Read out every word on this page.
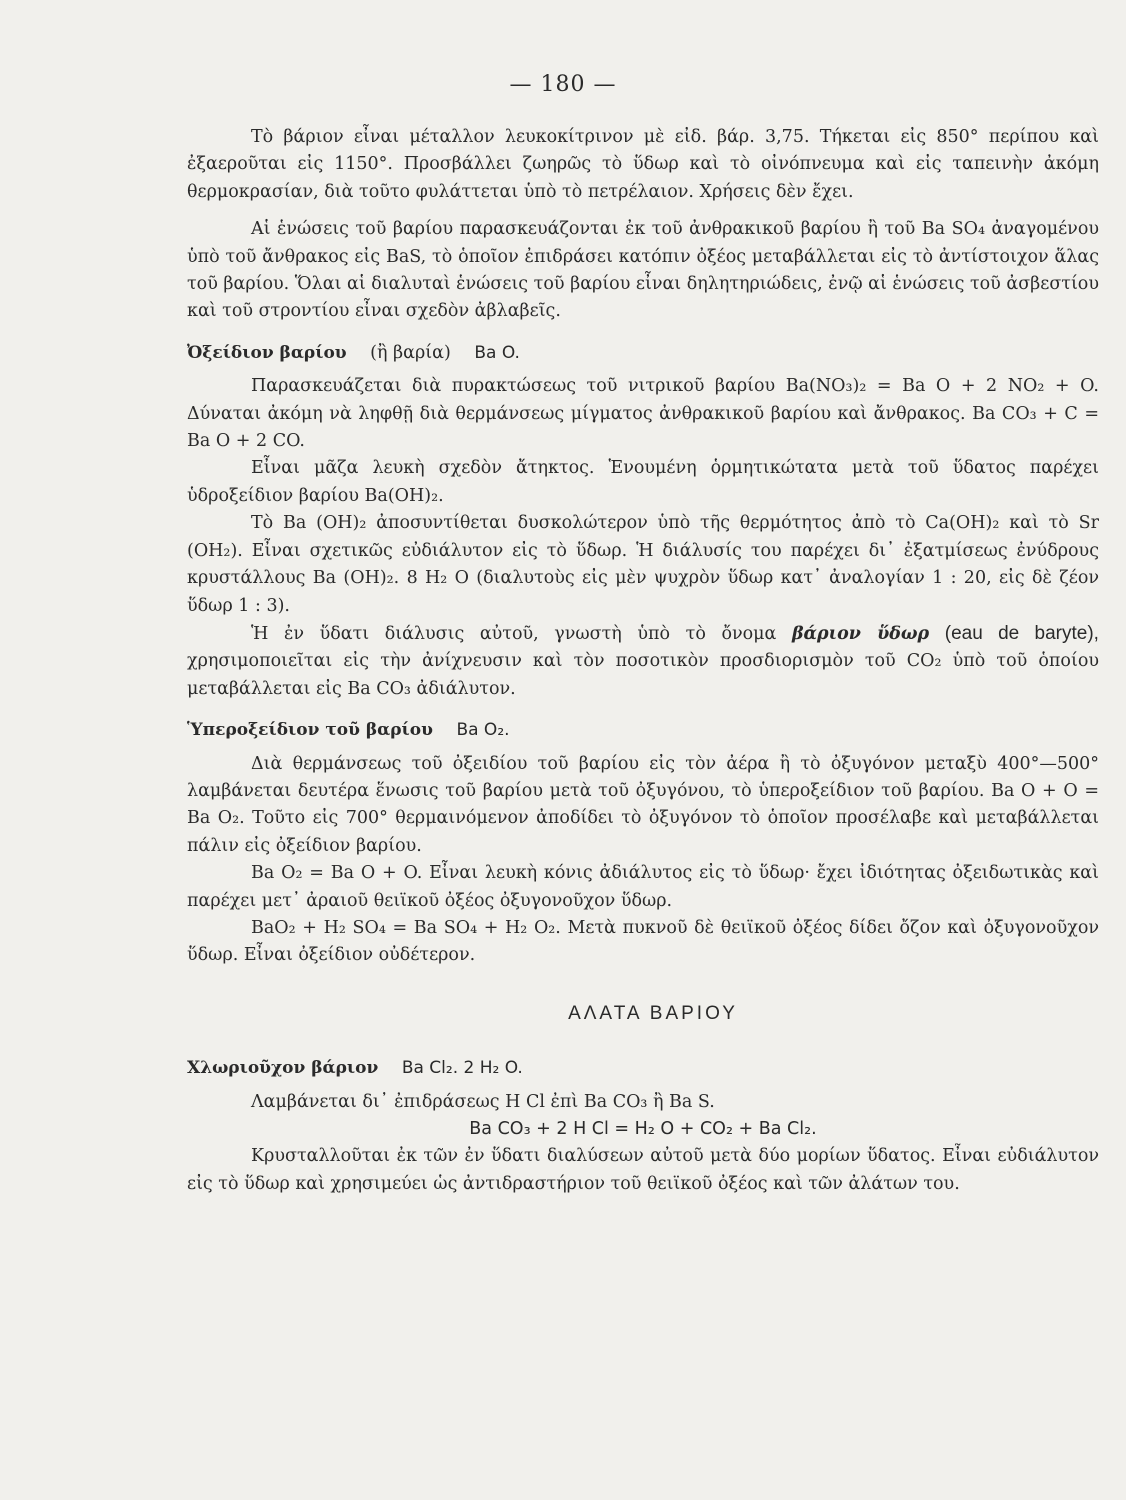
— 180 —

Τὸ βάριον εἶναι μέταλλον λευκοκίτρινον μὲ εἰδ. βάρ. 3,75. Τήκεται εἰς 850° περίπου καὶ ἐξαεροῦται εἰς 1150°. Προσβάλλει ζωηρῶς τὸ ὕδωρ καὶ τὸ οἰνόπνευμα καὶ εἰς ταπεινὴν ἀκόμη θερμοκρασίαν, διὰ τοῦτο φυλάττεται ὑπὸ τὸ πετρέλαιον. Χρήσεις δὲν ἔχει.

Αἱ ἑνώσεις τοῦ βαρίου παρασκευάζονται ἐκ τοῦ ἀνθρακικοῦ βαρίου ἢ τοῦ Ba SO₄ ἀναγομένου ὑπὸ τοῦ ἄνθρακος εἰς BaS, τὸ ὁποῖον ἐπιδράσει κατόπιν ὀξέος μεταβάλλεται εἰς τὸ ἀντίστοιχον ἅλας τοῦ βαρίου. Ὅλαι αἱ διαλυταὶ ἑνώσεις τοῦ βαρίου εἶναι δηλητηριώδεις, ἐνῷ αἱ ἑνώσεις τοῦ ἀσβεστίου καὶ τοῦ στροντίου εἶναι σχεδὸν ἀβλαβεῖς.

Ὀξείδιον βαρίου (ἢ βαρία) Ba O.

Παρασκευάζεται διὰ πυρακτώσεως τοῦ νιτρικοῦ βαρίου Ba(NO₃)₂ = Ba O + 2 NO₂ + O. Δύναται ἀκόμη νὰ ληφθῇ διὰ θερμάνσεως μίγματος ἀνθρακικοῦ βαρίου καὶ ἄνθρακος. Ba CO₃ + C = Ba O + 2 CO.

Εἶναι μᾶζα λευκὴ σχεδὸν ἄτηκτος. Ἑνουμένη ὁρμητικώτατα μετὰ τοῦ ὕδατος παρέχει ὑδροξείδιον βαρίου Ba(OH)₂.

Τὸ Ba (OH)₂ ἀποσυντίθεται δυσκολώτερον ὑπὸ τῆς θερμότητος ἀπὸ τὸ Ca(OH)₂ καὶ τὸ Sr (OH₂). Εἶναι σχετικῶς εὐδιάλυτον εἰς τὸ ὕδωρ. Ἡ διάλυσίς του παρέχει δι᾿ ἐξατμίσεως ἐνύδρους κρυστάλλους Ba (OH)₂. 8 H₂ O (διαλυτοὺς εἰς μὲν ψυχρὸν ὕδωρ κατ᾿ ἀναλογίαν 1 : 20, εἰς δὲ ζέον ὕδωρ 1 : 3).

Ἡ ἐν ὕδατι διάλυσις αὐτοῦ, γνωστὴ ὑπὸ τὸ ὄνομα βάριον ὕδωρ (eau de baryte), χρησιμοποιεῖται εἰς τὴν ἀνίχνευσιν καὶ τὸν ποσοτικὸν προσδιορισμὸν τοῦ CO₂ ὑπὸ τοῦ ὁποίου μεταβάλλεται εἰς Ba CO₃ ἀδιάλυτον.

Ὑπεροξείδιον τοῦ βαρίου Ba O₂.

Διὰ θερμάνσεως τοῦ ὀξειδίου τοῦ βαρίου εἰς τὸν ἀέρα ἢ τὸ ὀξυγόνον μεταξὺ 400°—500° λαμβάνεται δευτέρα ἕνωσις τοῦ βαρίου μετὰ τοῦ ὀξυγόνου, τὸ ὑπεροξείδιον τοῦ βαρίου. Ba O + O = Ba O₂. Τοῦτο εἰς 700° θερμαινόμενον ἀποδίδει τὸ ὀξυγόνον τὸ ὁποῖον προσέλαβε καὶ μεταβάλλεται πάλιν εἰς ὀξείδιον βαρίου.

Ba O₂ = Ba O + O. Εἶναι λευκὴ κόνις ἀδιάλυτος εἰς τὸ ὕδωρ· ἔχει ἰδιότητας ὀξειδωτικὰς καὶ παρέχει μετ᾿ ἀραιοῦ θειϊκοῦ ὀξέος ὀξυγονοῦχον ὕδωρ.

BaO₂ + H₂ SO₄ = Ba SO₄ + H₂ O₂. Μετὰ πυκνοῦ δὲ θειϊκοῦ ὀξέος δίδει ὄζον καὶ ὀξυγονοῦχον ὕδωρ. Εἶναι ὀξείδιον οὐδέτερον.

ΑΛΑΤΑ ΒΑΡΙΟΥ
Χλωριοῦχον βάριον Ba Cl₂. 2 H₂ O.

Λαμβάνεται δι᾿ ἐπιδράσεως H Cl ἐπὶ Ba CO₃ ἢ Ba S.

Ba CO₃ + 2 H Cl = H₂ O + CO₂ + Ba Cl₂.

Κρυσταλλοῦται ἐκ τῶν ἐν ὕδατι διαλύσεων αὐτοῦ μετὰ δύο μορίων ὕδατος. Εἶναι εὐδιάλυτον εἰς τὸ ὕδωρ καὶ χρησιμεύει ὡς ἀντιδραστήριον τοῦ θειϊκοῦ ὀξέος καὶ τῶν ἀλάτων του.
